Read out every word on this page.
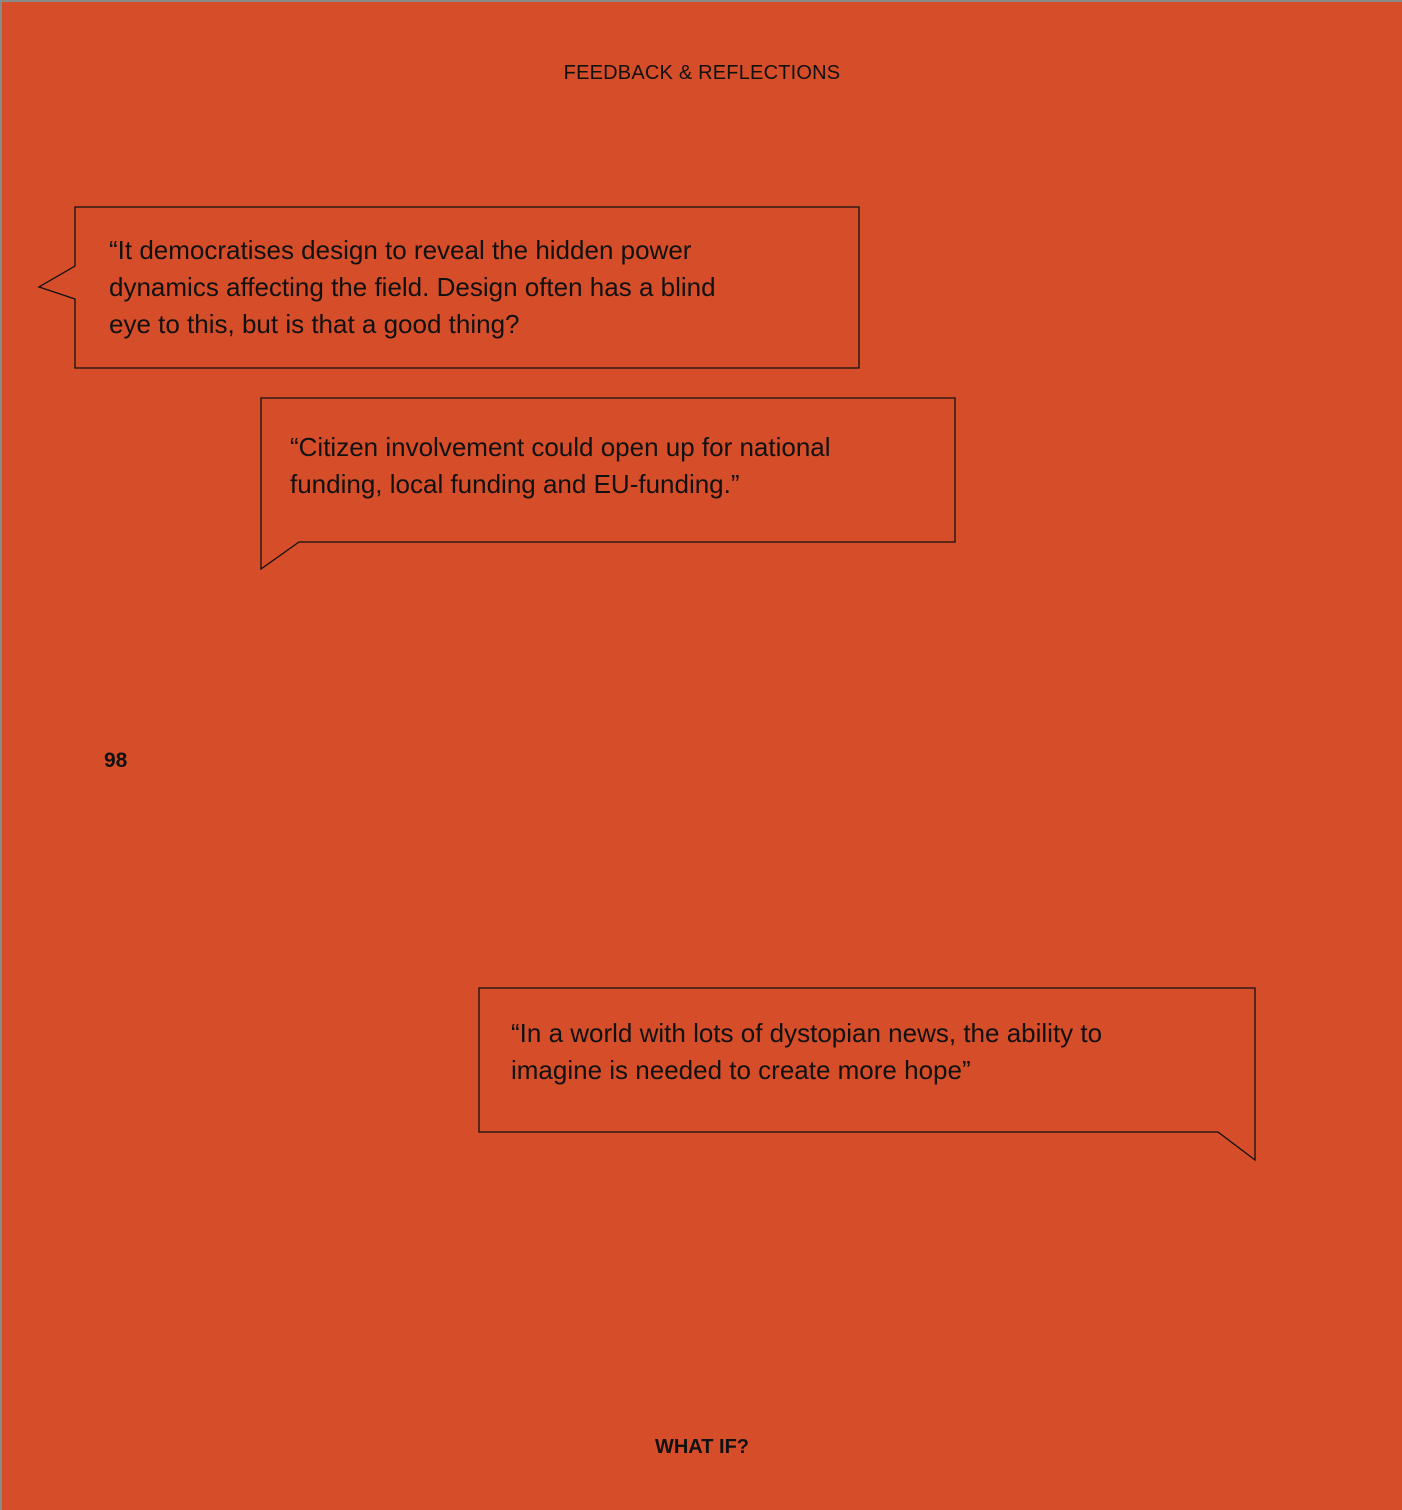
FEEDBACK & REFLECTIONS
“It democratises design to reveal the hidden power
dynamics affecting the field. Design often has a blind
eye to this, but is that a good thing?
“Citizen involvement could open up for national
funding, local funding and EU-funding.”
“In a world with lots of dystopian news, the ability to
imagine is needed to create more hope”
98
WHAT IF?
